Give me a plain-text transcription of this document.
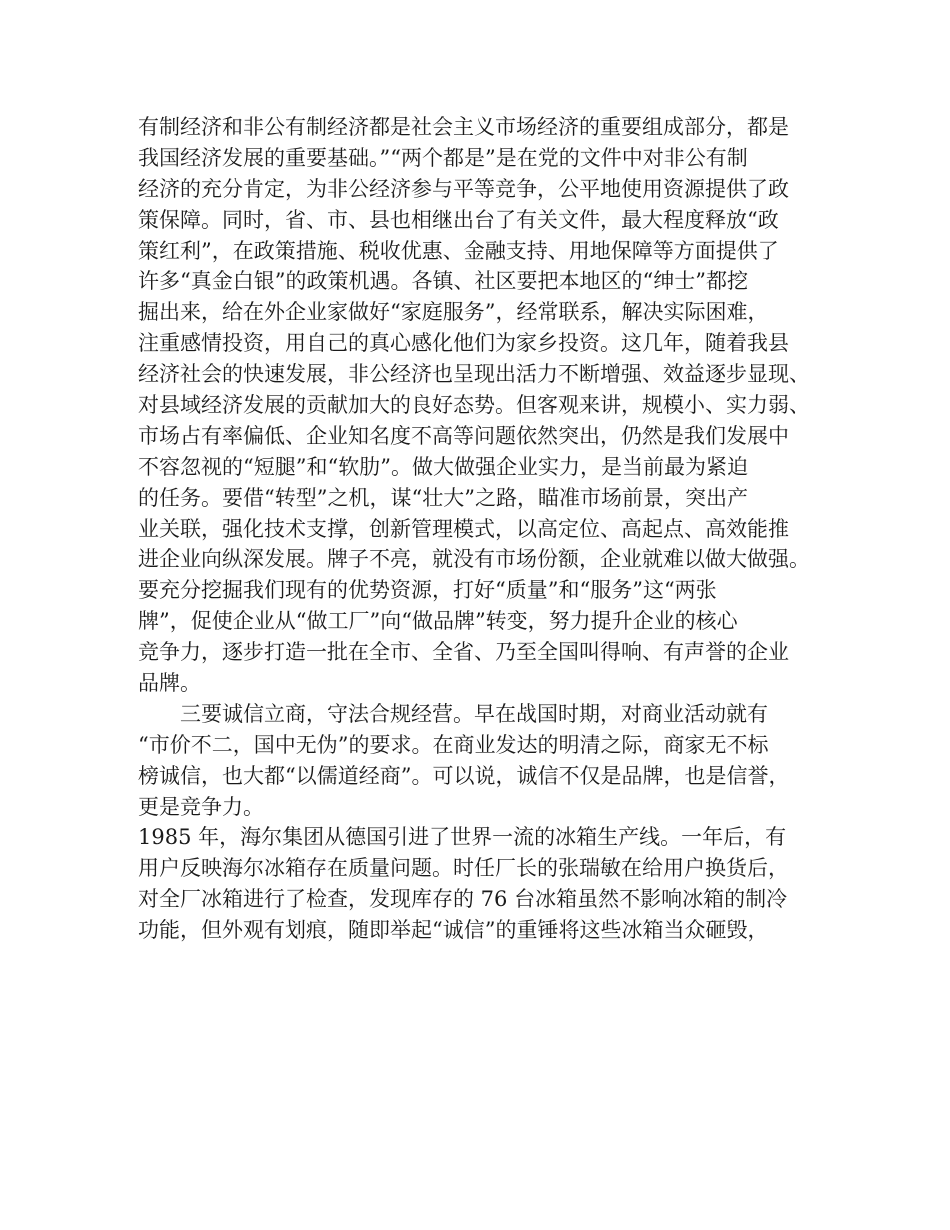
有制经济和非公有制经济都是社会主义市场经济的重要组成部分，都是
我国经济发展的重要基础。”“两个都是”是在党的文件中对非公有制
经济的充分肯定，为非公经济参与平等竞争，公平地使用资源提供了政
策保障。同时，省、市、县也相继出台了有关文件，最大程度释放“政
策红利”，在政策措施、税收优惠、金融支持、用地保障等方面提供了
许多“真金白银”的政策机遇。各镇、社区要把本地区的“绅士”都挖
掘出来，给在外企业家做好“家庭服务”，经常联系，解决实际困难，
注重感情投资，用自己的真心感化他们为家乡投资。这几年，随着我县
经济社会的快速发展，非公经济也呈现出活力不断增强、效益逐步显现、
对县域经济发展的贡献加大的良好态势。但客观来讲，规模小、实力弱、
市场占有率偏低、企业知名度不高等问题依然突出，仍然是我们发展中
不容忽视的“短腿”和“软肋”。做大做强企业实力，是当前最为紧迫
的任务。要借“转型”之机，谋“壮大”之路，瞄准市场前景，突出产
业关联，强化技术支撑，创新管理模式，以高定位、高起点、高效能推
进企业向纵深发展。牌子不亮，就没有市场份额，企业就难以做大做强。
要充分挖掘我们现有的优势资源，打好“质量”和“服务”这“两张
牌”，促使企业从“做工厂”向“做品牌”转变，努力提升企业的核心
竞争力，逐步打造一批在全市、全省、乃至全国叫得响、有声誉的企业
品牌。
　　三要诚信立商，守法合规经营。早在战国时期，对商业活动就有
“市价不二，国中无伪”的要求。在商业发达的明清之际，商家无不标
榜诚信，也大都“以儒道经商”。可以说，诚信不仅是品牌，也是信誉，
更是竞争力。
1985 年，海尔集团从德国引进了世界一流的冰箱生产线。一年后，有
用户反映海尔冰箱存在质量问题。时任厂长的张瑞敏在给用户换货后，
对全厂冰箱进行了检查，发现库存的 76 台冰箱虽然不影响冰箱的制冷
功能，但外观有划痕，随即举起“诚信”的重锤将这些冰箱当众砸毁，
